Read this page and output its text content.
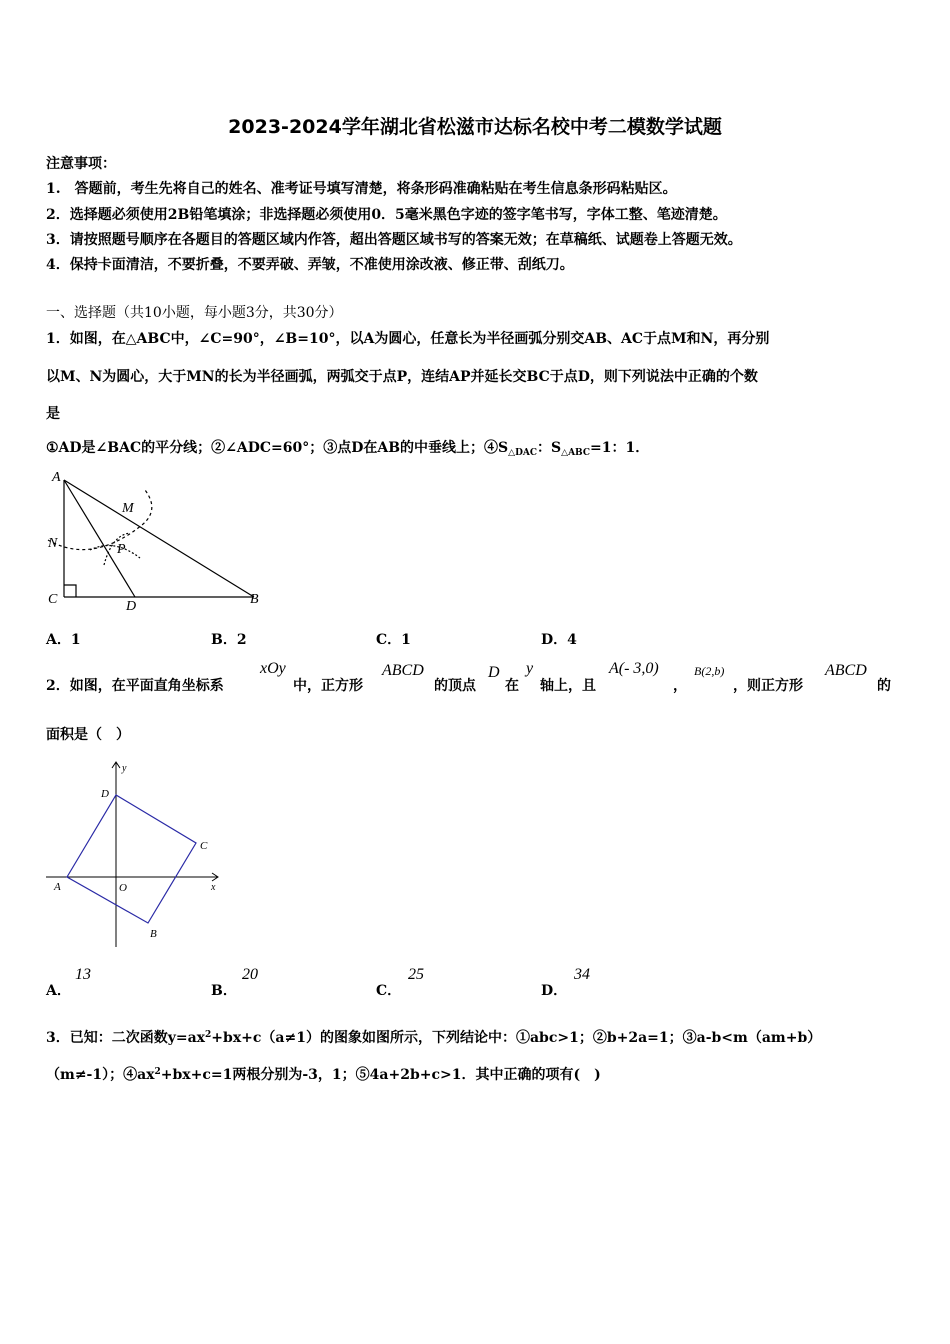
2023-2024学年湖北省松滋市达标名校中考二模数学试题
注意事项：
1.　答题前，考生先将自己的姓名、准考证号填写清楚，将条形码准确粘贴在考生信息条形码粘贴区。
2．选择题必须使用2B铅笔填涂；非选择题必须使用0．5毫米黑色字迹的签字笔书写，字体工整、笔迹清楚。
3．请按照题号顺序在各题目的答题区域内作答，超出答题区域书写的答案无效；在草稿纸、试题卷上答题无效。
4．保持卡面清洁，不要折叠，不要弄破、弄皱，不准使用涂改液、修正带、刮纸刀。
一、选择题（共10小题，每小题3分，共30分）
1．如图，在△ABC中，∠C=90°，∠B=10°，以A为圆心，任意长为半径画弧分别交AB、AC于点M和N，再分别
以M、N为圆心，大于MN的长为半径画弧，两弧交于点P，连结AP并延长交BC于点D，则下列说法中正确的个数
是
①AD是∠BAC的平分线；②∠ADC=60°；③点D在AB的中垂线上；$④S_{\triangle DAC}$：$S_{\triangle ABC}=1$：1．
A
M
N	P
C	D	B
A．1	B．2	C．1	D．4
2．如图，在平面直角坐标系
xOy
中，正方形
ABCD
的顶点
D
在
y
轴上，且
A(- 3,0)
，
B(2,b)
，则正方形
ABCD
的
面积是（　）
y
D
C
A	O	x
B
A．
13
B．
20
C．
25
D．
34
3．已知：二次函数$y=ax^2+bx+c(a\ne 1)$的图象如图所示，下列结论中：①abc>1；②b+2a=1；③a-b<m（am+b）
（m≠-1）；$④ax^2+bx+c=1$两根分别为-3，1；⑤4a+2b+c>1．其中正确的项有(　)
